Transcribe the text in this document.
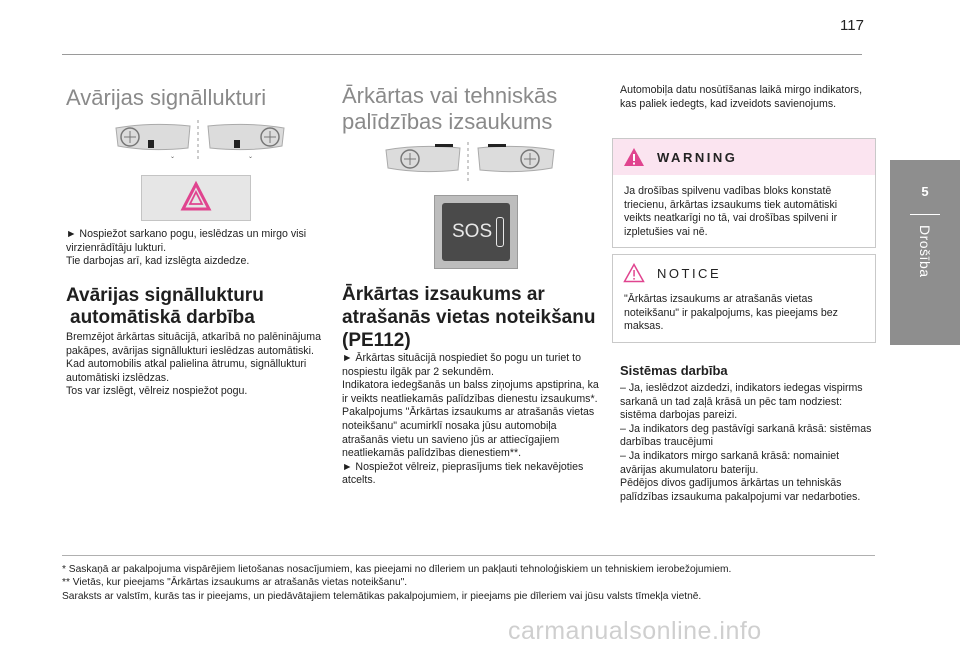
117
5
Drošība
Avārijas signāllukturi
⌄	⌄

► Nospiežot sarkano pogu, ieslēdzas un mirgo visi virzienrādītāju lukturi.

Tie darbojas arī, kad izslēgta aizdedze.

Avārijas signāllukturu
automātiskā darbība

Bremzējot ārkārtas situācijā, atkarībā no palēninājuma pakāpes, avārijas signāllukturi ieslēdzas automātiski. Kad automobilis atkal palielina ātrumu, signāllukturi automātiski izslēdzas.

Tos var izslēgt, vēlreiz nospiežot pogu.

Ārkārtas vai tehniskās
palīdzības izsaukums
SOS
Ārkārtas izsaukums ar
atrašanās vietas noteikšanu
(PE112)

► Ārkārtas situācijā nospiediet šo pogu un turiet to nospiestu ilgāk par 2 sekundēm.

Indikatora iedegšanās un balss ziņojums apstiprina, ka ir veikts neatliekamās palīdzības dienestu izsaukums*.

Pakalpojums "Ārkārtas izsaukums ar atrašanās vietas noteikšanu" acumirklī nosaka jūsu automobiļa atrašanās vietu un savieno jūs ar attiecīgajiem neatliekamās palīdzības dienestiem**.

► Nospiežot vēlreiz, pieprasījums tiek nekavējoties atcelts.

Automobiļa datu nosūtīšanas laikā mirgo indikators, kas paliek iedegts, kad izveidots savienojums.
WARNING
Ja drošības spilvenu vadības bloks konstatē triecienu, ārkārtas izsaukums tiek automātiski veikts neatkarīgi no tā, vai drošības spilveni ir izpletušies vai nē.
NOTICE
"Ārkārtas izsaukums ar atrašanās vietas noteikšanu" ir pakalpojums, kas pieejams bez maksas.
Sistēmas darbība

– Ja, ieslēdzot aizdedzi, indikators iedegas vispirms sarkanā un tad zaļā krāsā un pēc tam nodziest: sistēma darbojas pareizi.

– Ja indikators deg pastāvīgi sarkanā krāsā: sistēmas darbības traucējumi

– Ja indikators mirgo sarkanā krāsā: nomainiet avārijas akumulatoru bateriju.

Pēdējos divos gadījumos ārkārtas un tehniskās palīdzības izsaukuma pakalpojumi var nedarboties.

* Saskaņā ar pakalpojuma vispārējiem lietošanas nosacījumiem, kas pieejami no dīleriem un pakļauti tehnoloģiskiem un tehniskiem ierobežojumiem.

** Vietās, kur pieejams "Ārkārtas izsaukums ar atrašanās vietas noteikšanu".

Saraksts ar valstīm, kurās tas ir pieejams, un piedāvātajiem telemātikas pakalpojumiem, ir pieejams pie dīleriem vai jūsu valsts tīmekļa vietnē.

carmanualsonline.info
